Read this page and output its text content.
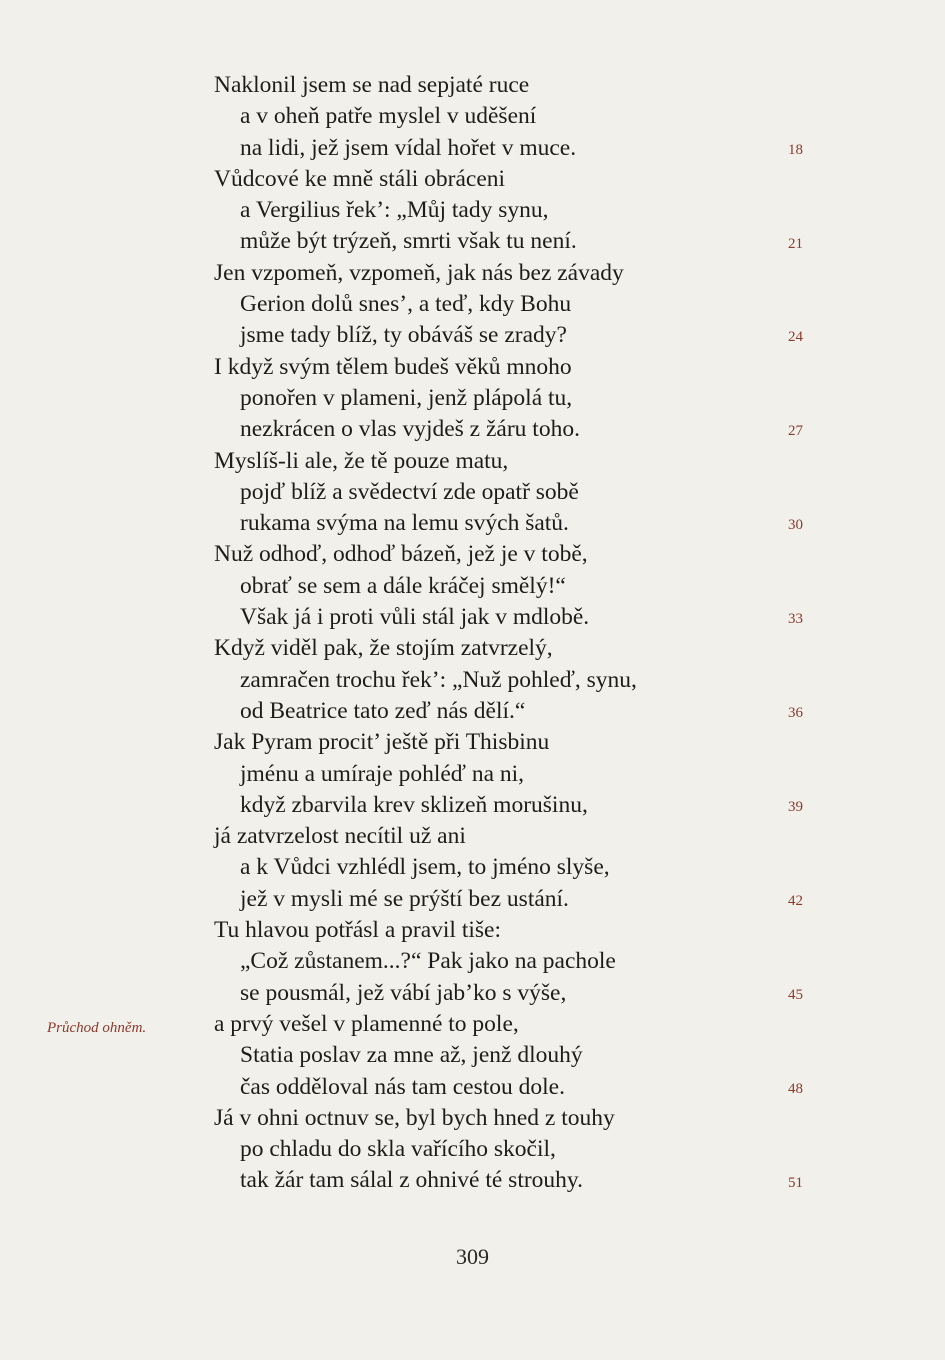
Naklonil jsem se nad sepjaté ruce
a v oheň patře myslel v uděšení
na lidi, jež jsem vídal hořet v muce.
Vůdcové ke mně stáli obráceni
a Vergilius řek’: „Můj tady synu,
může být trýzeň, smrti však tu není.
Jen vzpomeň, vzpomeň, jak nás bez závady
Gerion dolů snes’, a teď, kdy Bohu
jsme tady blíž, ty obáváš se zrady?
I když svým tělem budeš věků mnoho
ponořen v plameni, jenž plápolá tu,
nezkrácen o vlas vyjdeš z žáru toho.
Myslíš-li ale, že tě pouze matu,
pojď blíž a svědectví zde opatř sobě
rukama svýma na lemu svých šatů.
Nuž odhoď, odhoď bázeň, jež je v tobě,
obrať se sem a dále kráčej smělý!“
Však já i proti vůli stál jak v mdlobě.
Když viděl pak, že stojím zatvrzelý,
zamračen trochu řek’: „Nuž pohleď, synu,
od Beatrice tato zeď nás dělí.“
Jak Pyram procit’ ještě při Thisbinu
jménu a umíraje pohléď na ni,
když zbarvila krev sklizeň morušinu,
já zatvrzelost necítil už ani
a k Vůdci vzhlédl jsem, to jméno slyše,
jež v mysli mé se prýští bez ustání.
Tu hlavou potřásl a pravil tiše:
„Což zůstanem...?“ Pak jako na pachole
se pousmál, jež vábí jab’ko s výše,
a prvý vešel v plamenné to pole,
Statia poslav za mne až, jenž dlouhý
čas odděloval nás tam cestou dole.
Já v ohni octnuv se, byl bych hned z touhy
po chladu do skla vařícího skočil,
tak žár tam sálal z ohnivé té strouhy.
18
21
24
27
30
33
36
39
42
45
48
51
Průchod ohněm.
309
